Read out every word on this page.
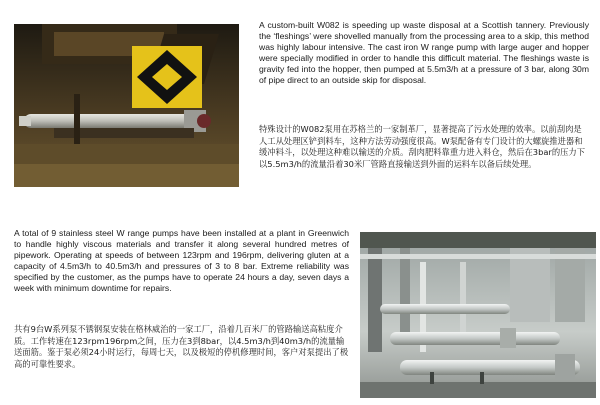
A custom-built W082 is speeding up waste disposal at a Scottish tannery. Previously the ‘fleshings’ were shovelled manually from the processing area to a skip, this method was highly labour intensive. The cast iron W range pump with large auger and hopper were specially modified in order to handle this difficult material. The fleshings waste is gravity fed into the hopper, then pumped at 5.5m3/h at a pressure of 3 bar, along 30m of pipe direct to an outside skip for disposal.

特殊设计的W082泵用在苏格兰的一家制革厂，显著提高了污水处理的效率。以前刮肉是人工从处理区铲到料车，这种方法劳动强度很高。W泵配备有专门设计的大螺旋推进器和缓冲料斗，以处理这种难以输送的介质。刮肉肥料靠重力进入料仓，然后在3bar的压力下以5.5m3/h的流量沿着30米厂管路直接输送到外面的运料车以备后续处理。

A total of 9 stainless steel W range pumps have been installed at a plant in Greenwich to handle highly viscous materials and transfer it along several hundred metres of pipework. Operating at speeds of between 123rpm and 196rpm, delivering gluten at a capacity of 4.5m3/h to 40.5m3/h and pressures of 3 to 8 bar. Extreme reliability was specified by the customer, as the pumps have to operate 24 hours a day, seven days a week with minimum downtime for repairs.

共有9台W系列泵不锈钢泵安装在格林威治的一家工厂，沿着几百米厂的管路输送高粘度介质。工作转速在123rpm196rpm之间，压力在3到8bar，以4.5m3/h到40m3/h的流量输送面筋。鉴于泵必须24小时运行，每周七天，以及极短的停机修理时间，客户对泵提出了极高的可靠性要求。
